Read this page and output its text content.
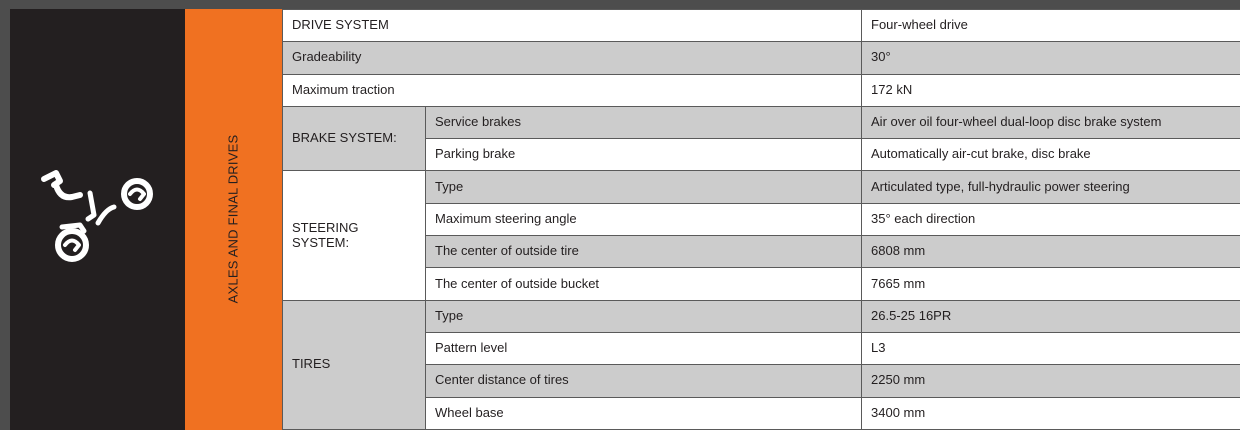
AXLES AND FINAL DRIVES
DRIVE SYSTEM		Four-wheel drive
Gradeability		30°
Maximum traction		172 kN
BRAKE SYSTEM:	Service brakes	Air over oil four-wheel dual-loop disc brake system
	Parking brake	Automatically air-cut brake, disc brake
STEERING SYSTEM:	Type	Articulated type, full-hydraulic power steering
	Maximum steering angle	35° each direction
	The center of outside tire	6808 mm
	The center of outside bucket	7665 mm
TIRES	Type	26.5-25 16PR
	Pattern level	L3
	Center distance of tires	2250 mm
	Wheel base	3400 mm
